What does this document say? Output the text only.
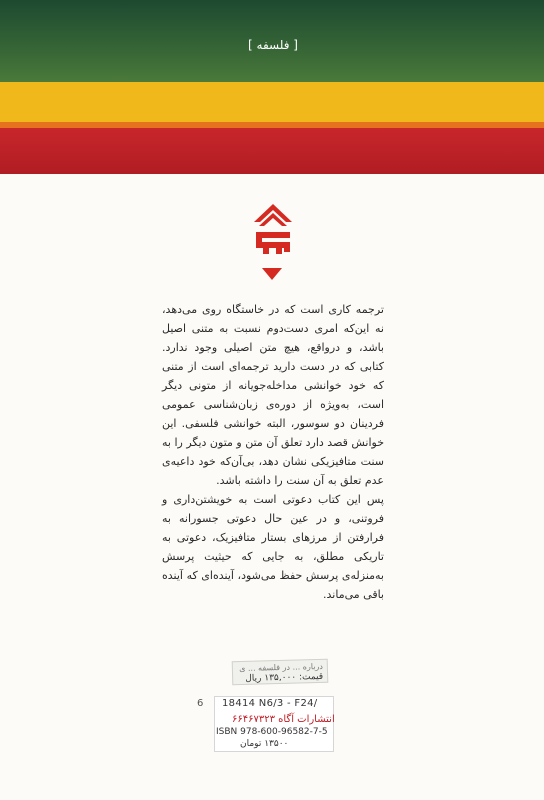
[ فلسفه ]

ترجمه کاری است که در خاستگاه روی می‌دهد، نه این‌که امری دست‌دوم نسبت به متنی اصیل باشد، و درواقع، هیچ متن اصیلی وجود ندارد. کتابی که در دست دارید ترجمه‌ای است از متنی که خود خوانشی مداخله‌جویانه از متونی دیگر است، به‌ویژه از دوره‌ی زبان‌شناسی عمومی فردینان دو سوسور، البته خوانشی فلسفی. این خوانش قصد دارد تعلق آن متن و متون دیگر را به سنت متافیزیکی نشان دهد، بی‌آن‌که خود داعیه‌ی عدم تعلق به آن سنت را داشته باشد.

پس این کتاب دعوتی است به خویشتن‌داری و فروتنی، و در عین حال دعوتی جسورانه به فرارفتن از مرزهای بستار متافیزیک، دعوتی به تاریکی مطلق، به جایی که حیثیت پرسش به‌منزله‌ی پرسش حفظ می‌شود، آینده‌ای که آینده باقی می‌ماند.

درباره ... در فلسفه ... ی
قیمت: ۱۳۵,۰۰۰ ریال
6 18414 N6/3 - F24/
انتشارات آگاه ۶۶۴۶۷۳۲۳
ISBN 978-600-96582-7-5
۱۳۵۰۰ تومان
